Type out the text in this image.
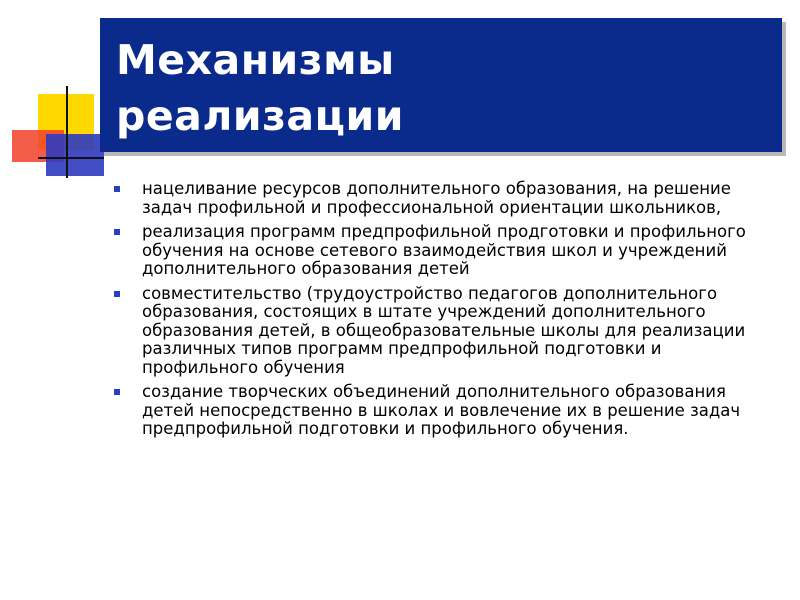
Механизмы
реализации
нацеливание ресурсов дополнительного образования, на решение задач профильной и профессиональной ориентации школьников,
реализация программ предпрофильной продготовки и профильного обучения на основе сетевого взаимодействия школ и учреждений дополнительного образования детей
совместительство (трудоустройство педагогов дополнительного образования, состоящих в штате учреждений дополнительного образования детей, в общеобразовательные школы для реализации различных типов программ предпрофильной подготовки и профильного обучения
создание творческих объединений дополнительного образования детей непосредственно в школах и вовлечение их в решение задач предпрофильной подготовки и профильного обучения.
